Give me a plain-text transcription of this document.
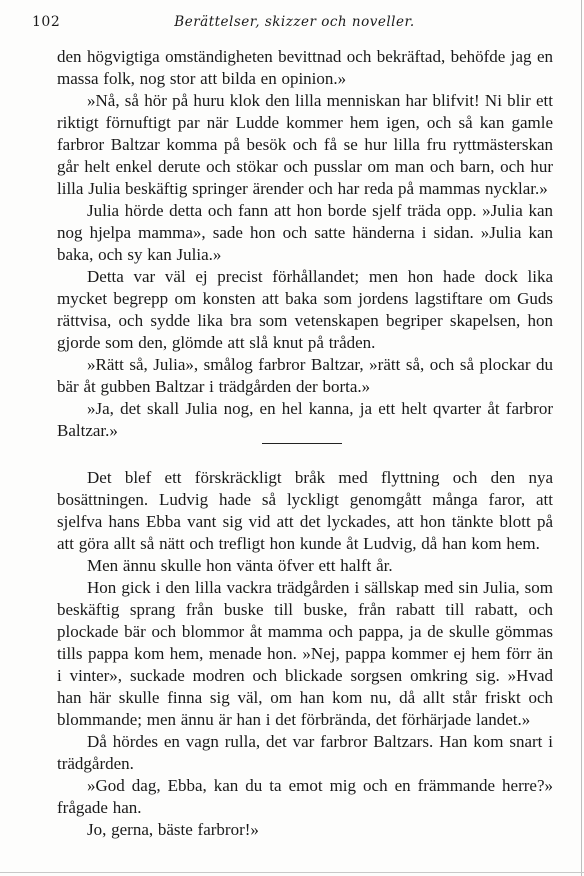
102	Berättelser, skizzer och noveller.

den högvigtiga omständigheten bevittnad och bekräftad, behöfde jag en massa folk, nog stor att bilda en opinion.»

»Nå, så hör på huru klok den lilla menniskan har blifvit! Ni blir ett riktigt förnuftigt par när Ludde kommer hem igen, och så kan gamle farbror Baltzar komma på besök och få se hur lilla fru ryttmästerskan går helt enkel derute och stökar och pusslar om man och barn, och hur lilla Julia beskäftig springer ärender och har reda på mammas nycklar.»

Julia hörde detta och fann att hon borde sjelf träda opp. »Julia kan nog hjelpa mamma», sade hon och satte händerna i sidan. »Julia kan baka, och sy kan Julia.»

Detta var väl ej precist förhållandet; men hon hade dock lika mycket begrepp om konsten att baka som jordens lagstiftare om Guds rättvisa, och sydde lika bra som vetenskapen begriper skapelsen, hon gjorde som den, glömde att slå knut på tråden.

»Rätt så, Julia», smålog farbror Baltzar, »rätt så, och så plockar du bär åt gubben Baltzar i trädgården der borta.»

»Ja, det skall Julia nog, en hel kanna, ja ett helt qvarter åt farbror Baltzar.»

Det blef ett förskräckligt bråk med flyttning och den nya bosättningen. Ludvig hade så lyckligt genomgått många faror, att sjelfva hans Ebba vant sig vid att det lyckades, att hon tänkte blott på att göra allt så nätt och trefligt hon kunde åt Ludvig, då han kom hem.

Men ännu skulle hon vänta öfver ett halft år.

Hon gick i den lilla vackra trädgården i sällskap med sin Julia, som beskäftig sprang från buske till buske, från rabatt till rabatt, och plockade bär och blommor åt mamma och pappa, ja de skulle gömmas tills pappa kom hem, menade hon. »Nej, pappa kommer ej hem förr än i vinter», suckade modren och blickade sorgsen omkring sig. »Hvad han här skulle finna sig väl, om han kom nu, då allt står friskt och blommande; men ännu är han i det förbrända, det förhärjade landet.»

Då hördes en vagn rulla, det var farbror Baltzars. Han kom snart i trädgården.

»God dag, Ebba, kan du ta emot mig och en främmande herre?» frågade han.

Jo, gerna, bäste farbror!»
